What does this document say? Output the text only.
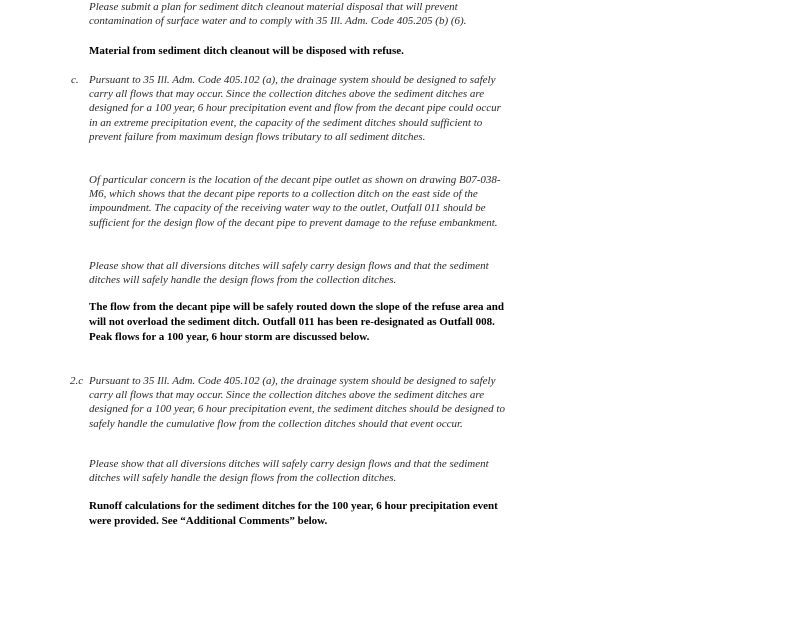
Please submit a plan for sediment ditch cleanout material disposal that will prevent contamination of surface water and to comply with 35 Ill. Adm. Code 405.205 (b) (6).

Material from sediment ditch cleanout will be disposed with refuse.

c. Pursuant to 35 Ill. Adm. Code 405.102 (a), the drainage system should be designed to safely carry all flows that may occur. Since the collection ditches above the sediment ditches are designed for a 100 year, 6 hour precipitation event and flow from the decant pipe could occur in an extreme precipitation event, the capacity of the sediment ditches should sufficient to prevent failure from maximum design flows tributary to all sediment ditches.

Of particular concern is the location of the decant pipe outlet as shown on drawing B07-038-M6, which shows that the decant pipe reports to a collection ditch on the east side of the impoundment. The capacity of the receiving water way to the outlet, Outfall 011 should be sufficient for the design flow of the decant pipe to prevent damage to the refuse embankment.

Please show that all diversions ditches will safely carry design flows and that the sediment ditches will safely handle the design flows from the collection ditches.

The flow from the decant pipe will be safely routed down the slope of the refuse area and will not overload the sediment ditch. Outfall 011 has been re-designated as Outfall 008. Peak flows for a 100 year, 6 hour storm are discussed below.

2.c Pursuant to 35 Ill. Adm. Code 405.102 (a), the drainage system should be designed to safely carry all flows that may occur. Since the collection ditches above the sediment ditches are designed for a 100 year, 6 hour precipitation event, the sediment ditches should be designed to safely handle the cumulative flow from the collection ditches should that event occur.

Please show that all diversions ditches will safely carry design flows and that the sediment ditches will safely handle the design flows from the collection ditches.

Runoff calculations for the sediment ditches for the 100 year, 6 hour precipitation event were provided. See “Additional Comments” below.
